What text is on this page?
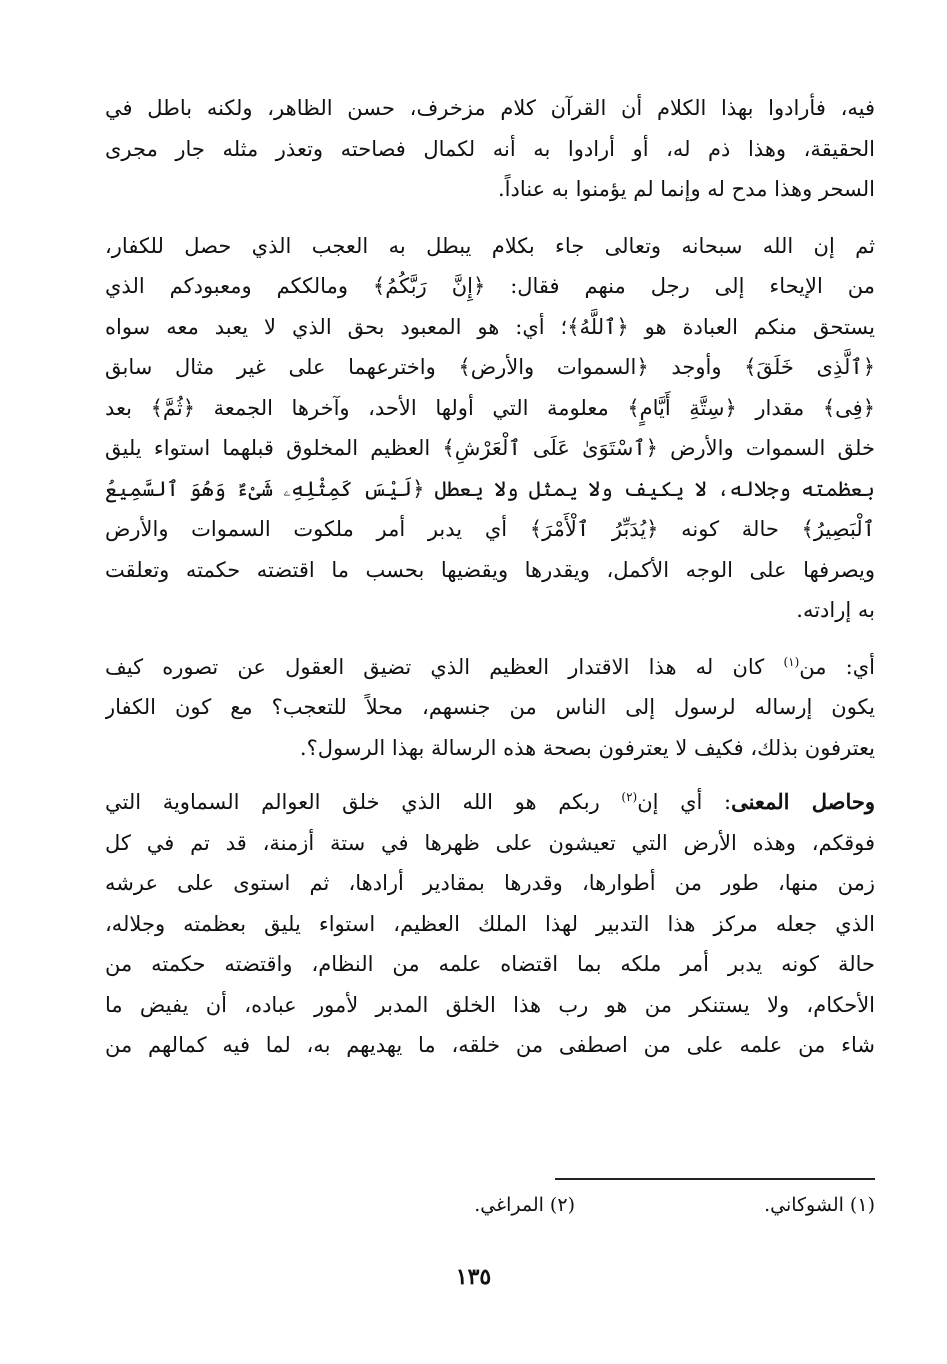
فيه، فأرادوا بهذا الكلام أن القرآن كلام مزخرف، حسن الظاهر، ولكنه باطل في
الحقيقة، وهذا ذم له، أو أرادوا به أنه لكمال فصاحته وتعذر مثله جار مجرى
السحر وهذا مدح له وإنما لم يؤمنوا به عناداً.

ثم إن الله سبحانه وتعالى جاء بكلام يبطل به العجب الذي حصل للكفار،
من الإيحاء إلى رجل منهم فقال: ﴿إِنَّ رَبَّكُمُ﴾ ومالككم ومعبودكم الذي
يستحق منكم العبادة هو ﴿ٱللَّهُ﴾؛ أي: هو المعبود بحق الذي لا يعبد معه سواه
﴿ٱلَّذِى خَلَقَ﴾ وأوجد ﴿السموات والأرض﴾ واخترعهما على غير مثال سابق
﴿فِى﴾ مقدار ﴿سِتَّةِ أَيَّامٍ﴾ معلومة التي أولها الأحد، وآخرها الجمعة ﴿ثُمَّ﴾ بعد
خلق السموات والأرض ﴿ٱسْتَوَىٰ عَلَى ٱلْعَرْشِ﴾ العظيم المخلوق قبلهما استواء يليق
بعظمته وجلاله، لا يكيف ولا يمثل ولا يعطل ﴿لَيْسَ كَمِثْلِهِۦ شَىْءٌ وَهُوَ ٱلسَّمِيعُ
ٱلْبَصِيرُ﴾ حالة كونه ﴿يُدَبِّرُ ٱلْأَمْرَ﴾ أي يدبر أمر ملكوت السموات والأرض
ويصرفها على الوجه الأكمل، ويقدرها ويقضيها بحسب ما اقتضته حكمته وتعلقت
به إرادته.

أي: من$^{(١)}$ كان له هذا الاقتدار العظيم الذي تضيق العقول عن تصوره كيف
يكون إرساله لرسول إلى الناس من جنسهم، محلاً للتعجب؟ مع كون الكفار
يعترفون بذلك، فكيف لا يعترفون بصحة هذه الرسالة بهذا الرسول؟.

وحاصل المعنى: أي إن$^{(٢)}$ ربكم هو الله الذي خلق العوالم السماوية التي
فوقكم، وهذه الأرض التي تعيشون على ظهرها في ستة أزمنة، قد تم في كل
زمن منها، طور من أطوارها، وقدرها بمقادير أرادها، ثم استوى على عرشه
الذي جعله مركز هذا التدبير لهذا الملك العظيم، استواء يليق بعظمته وجلاله،
حالة كونه يدبر أمر ملكه بما اقتضاه علمه من النظام، واقتضته حكمته من
الأحكام، ولا يستنكر من هو رب هذا الخلق المدبر لأمور عباده، أن يفيض ما
شاء من علمه على من اصطفى من خلقه، ما يهديهم به، لما فيه كمالهم من

(١) الشوكاني.
(٢) المراغي.
١٣٥
